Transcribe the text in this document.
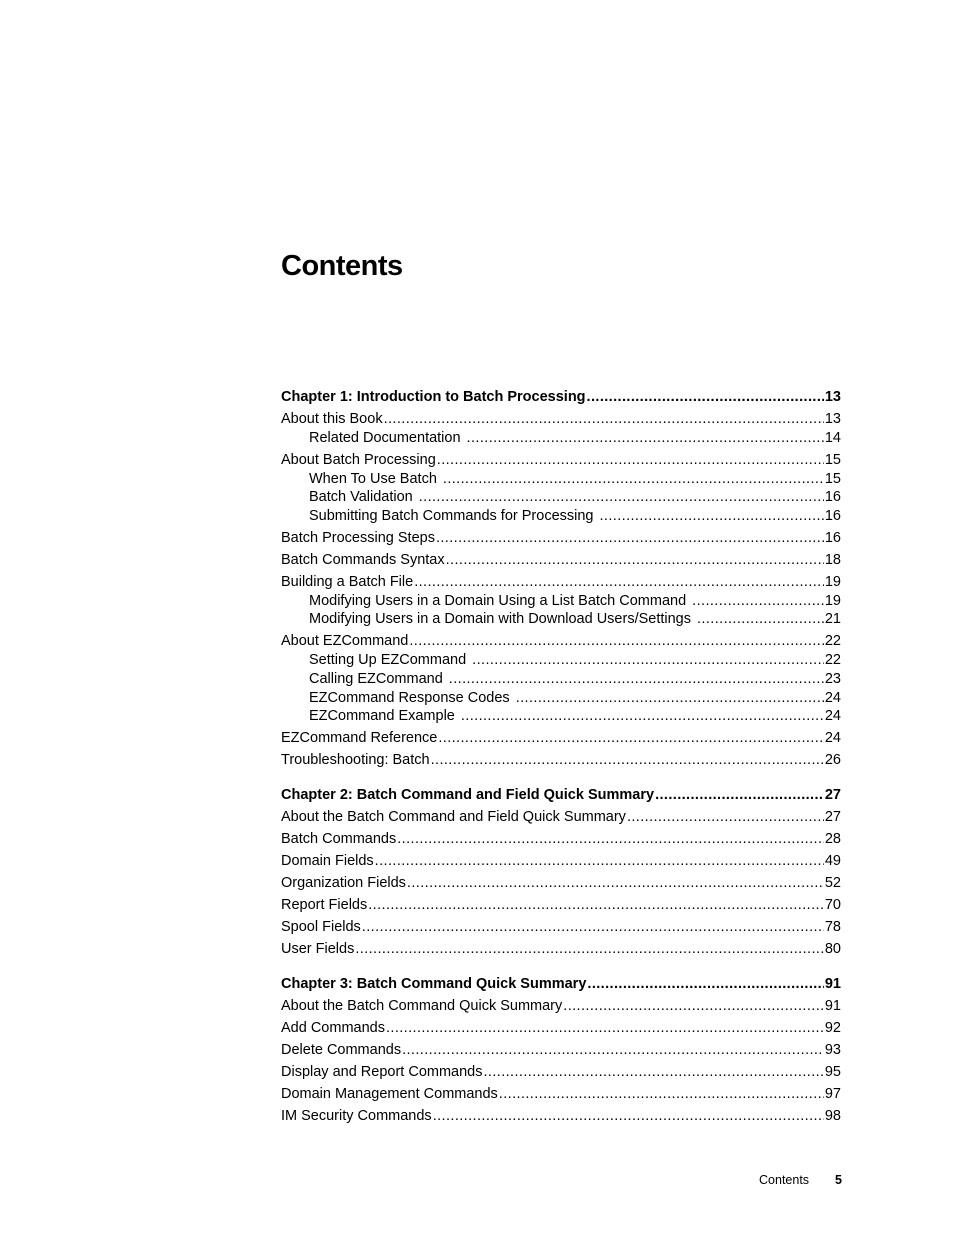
Contents
Chapter 1: Introduction to Batch Processing .....	13
About this Book .....	13
Related Documentation .....	14
About Batch Processing .....	15
When To Use Batch .....	15
Batch Validation .....	16
Submitting Batch Commands for Processing .....	16
Batch Processing Steps .....	16
Batch Commands Syntax .....	18
Building a Batch File .....	19
Modifying Users in a Domain Using a List Batch Command .....	19
Modifying Users in a Domain with Download Users/Settings .....	21
About EZCommand .....	22
Setting Up EZCommand .....	22
Calling EZCommand .....	23
EZCommand Response Codes .....	24
EZCommand Example .....	24
EZCommand Reference .....	24
Troubleshooting: Batch .....	26
Chapter 2: Batch Command and Field Quick Summary .....	27
About the Batch Command and Field Quick Summary .....	27
Batch Commands .....	28
Domain Fields .....	49
Organization Fields .....	52
Report Fields .....	70
Spool Fields .....	78
User Fields .....	80
Chapter 3: Batch Command Quick Summary .....	91
About the Batch Command Quick Summary .....	91
Add Commands .....	92
Delete Commands .....	93
Display and Report Commands .....	95
Domain Management Commands .....	97
IM Security Commands .....	98
Contents 5
